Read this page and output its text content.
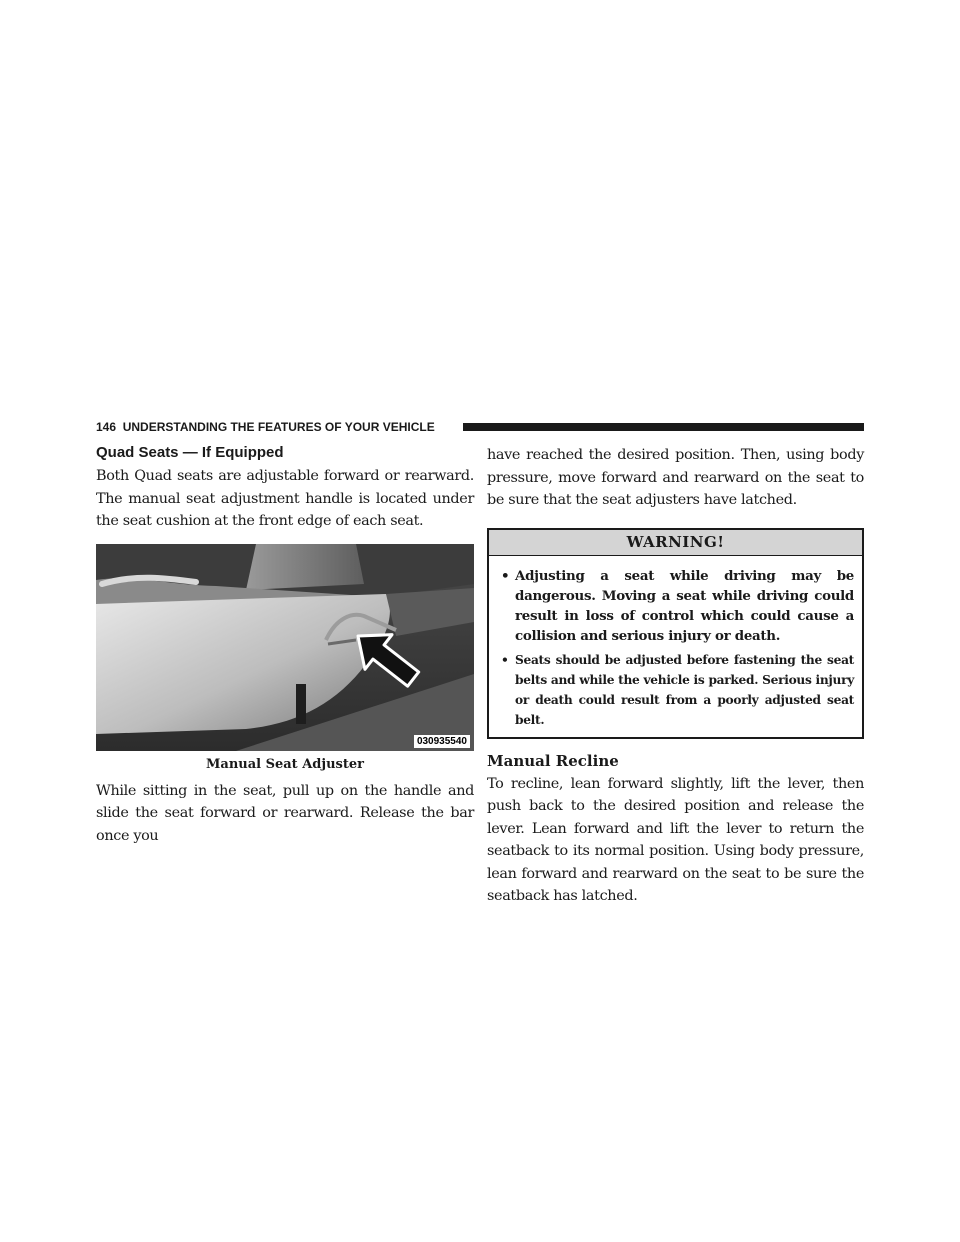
146 UNDERSTANDING THE FEATURES OF YOUR VEHICLE
Quad Seats — If Equipped

Both Quad seats are adjustable forward or rearward. The manual seat adjustment handle is located under the seat cushion at the front edge of each seat.

030935540
Manual Seat Adjuster

While sitting in the seat, pull up on the handle and slide the seat forward or rearward. Release the bar once you

have reached the desired position. Then, using body pressure, move forward and rearward on the seat to be sure that the seat adjusters have latched.

WARNING!
• Adjusting a seat while driving may be dangerous. Moving a seat while driving could result in loss of control which could cause a collision and serious injury or death.
• Seats should be adjusted before fastening the seat belts and while the vehicle is parked. Serious injury or death could result from a poorly adjusted seat belt.
Manual Recline

To recline, lean forward slightly, lift the lever, then push back to the desired position and release the lever. Lean forward and lift the lever to return the seatback to its normal position. Using body pressure, lean forward and rearward on the seat to be sure the seatback has latched.
